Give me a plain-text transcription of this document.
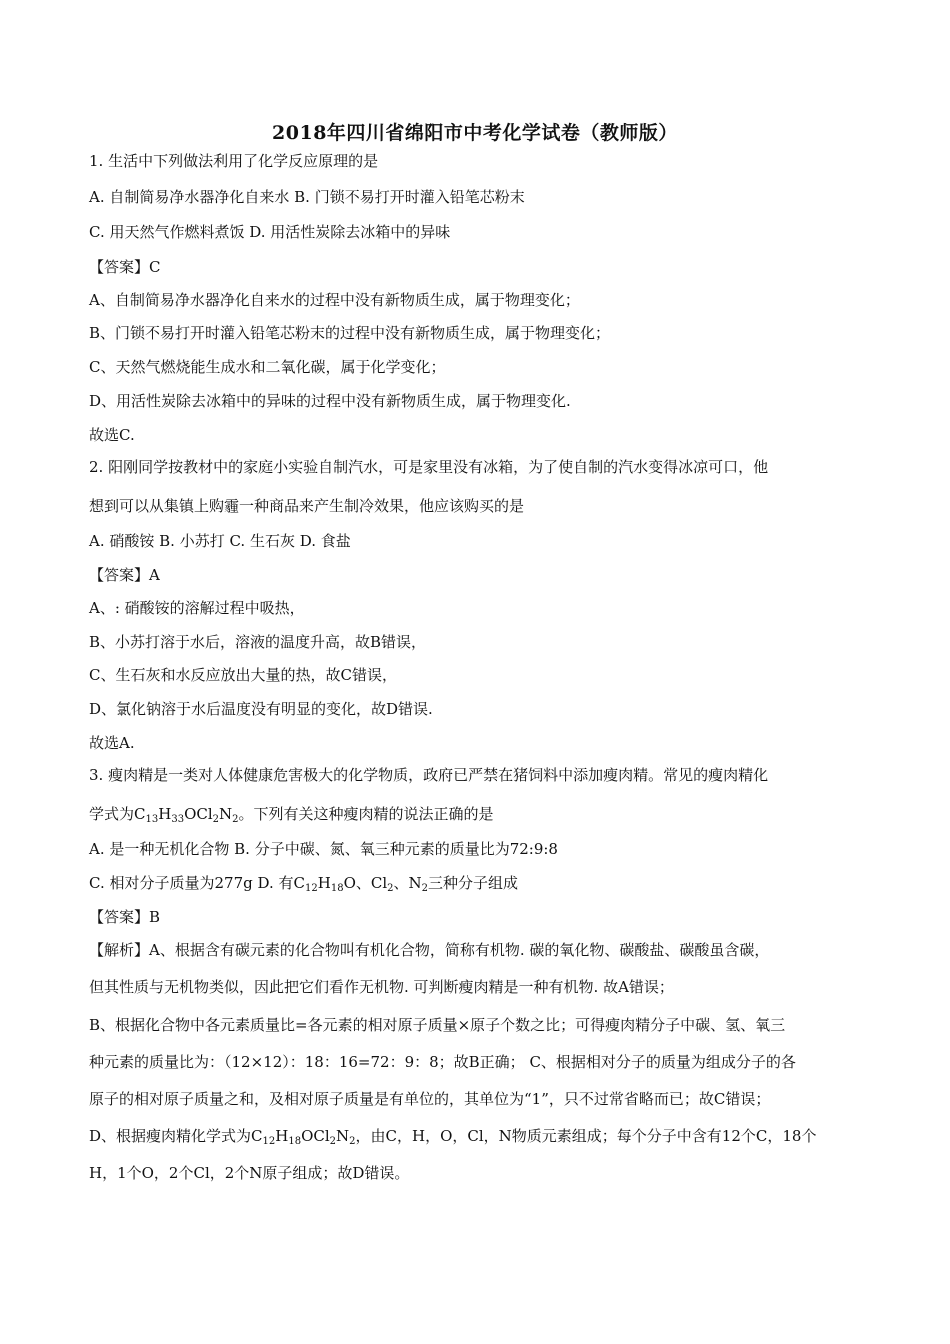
2018年四川省绵阳市中考化学试卷（教师版）
1. 生活中下列做法利用了化学反应原理的是
A. 自制简易净水器净化自来水 B. 门锁不易打开时灌入铅笔芯粉末
C. 用天然气作燃料煮饭 D. 用活性炭除去冰箱中的异味
【答案】C
A、自制简易净水器净化自来水的过程中没有新物质生成，属于物理变化；
B、门锁不易打开时灌入铅笔芯粉末的过程中没有新物质生成，属于物理变化；
C、天然气燃烧能生成水和二氧化碳，属于化学变化；
D、用活性炭除去冰箱中的异味的过程中没有新物质生成，属于物理变化.
故选C.
2. 阳刚同学按教材中的家庭小实验自制汽水，可是家里没有冰箱，为了使自制的汽水变得冰凉可口，他
想到可以从集镇上购霾一种商品来产生制冷效果，他应该购买的是
A. 硝酸铵 B. 小苏打 C. 生石灰 D. 食盐
【答案】A
A、: 硝酸铵的溶解过程中吸热，
B、小苏打溶于水后，溶液的温度升高，故B错误，
C、生石灰和水反应放出大量的热，故C错误，
D、氯化钠溶于水后温度没有明显的变化，故D错误.
故选A.
3. 瘦肉精是一类对人体健康危害极大的化学物质，政府已严禁在猪饲料中添加瘦肉精。常见的瘦肉精化
学式为$C_{13}H_{33}OCl_2N_2$。下列有关这种瘦肉精的说法正确的是
A. 是一种无机化合物 B. 分子中碳、氮、氧三种元素的质量比为72:9:8
C. 相对分子质量为277g D. 有$C_{12}H_{18}O$、$Cl_2$、$N_2$三种分子组成
【答案】B
【解析】A、根据含有碳元素的化合物叫有机化合物，简称有机物. 碳的氧化物、碳酸盐、碳酸虽含碳，
但其性质与无机物类似，因此把它们看作无机物. 可判断瘦肉精是一种有机物. 故A错误；
B、根据化合物中各元素质量比=各元素的相对原子质量×原子个数之比；可得瘦肉精分子中碳、氢、氧三
种元素的质量比为：（12×12）：18：16=72：9：8；故B正确； C、根据相对分子的质量为组成分子的各
原子的相对原子质量之和，及相对原子质量是有单位的，其单位为“1”，只不过常省略而已；故C错误；
D、根据瘦肉精化学式为$C_{12}H_{18}OCl_2N_2$，由C，H，O，Cl，N物质元素组成；每个分子中含有12个C，18个
H，1个O，2个Cl，2个N原子组成；故D错误。
